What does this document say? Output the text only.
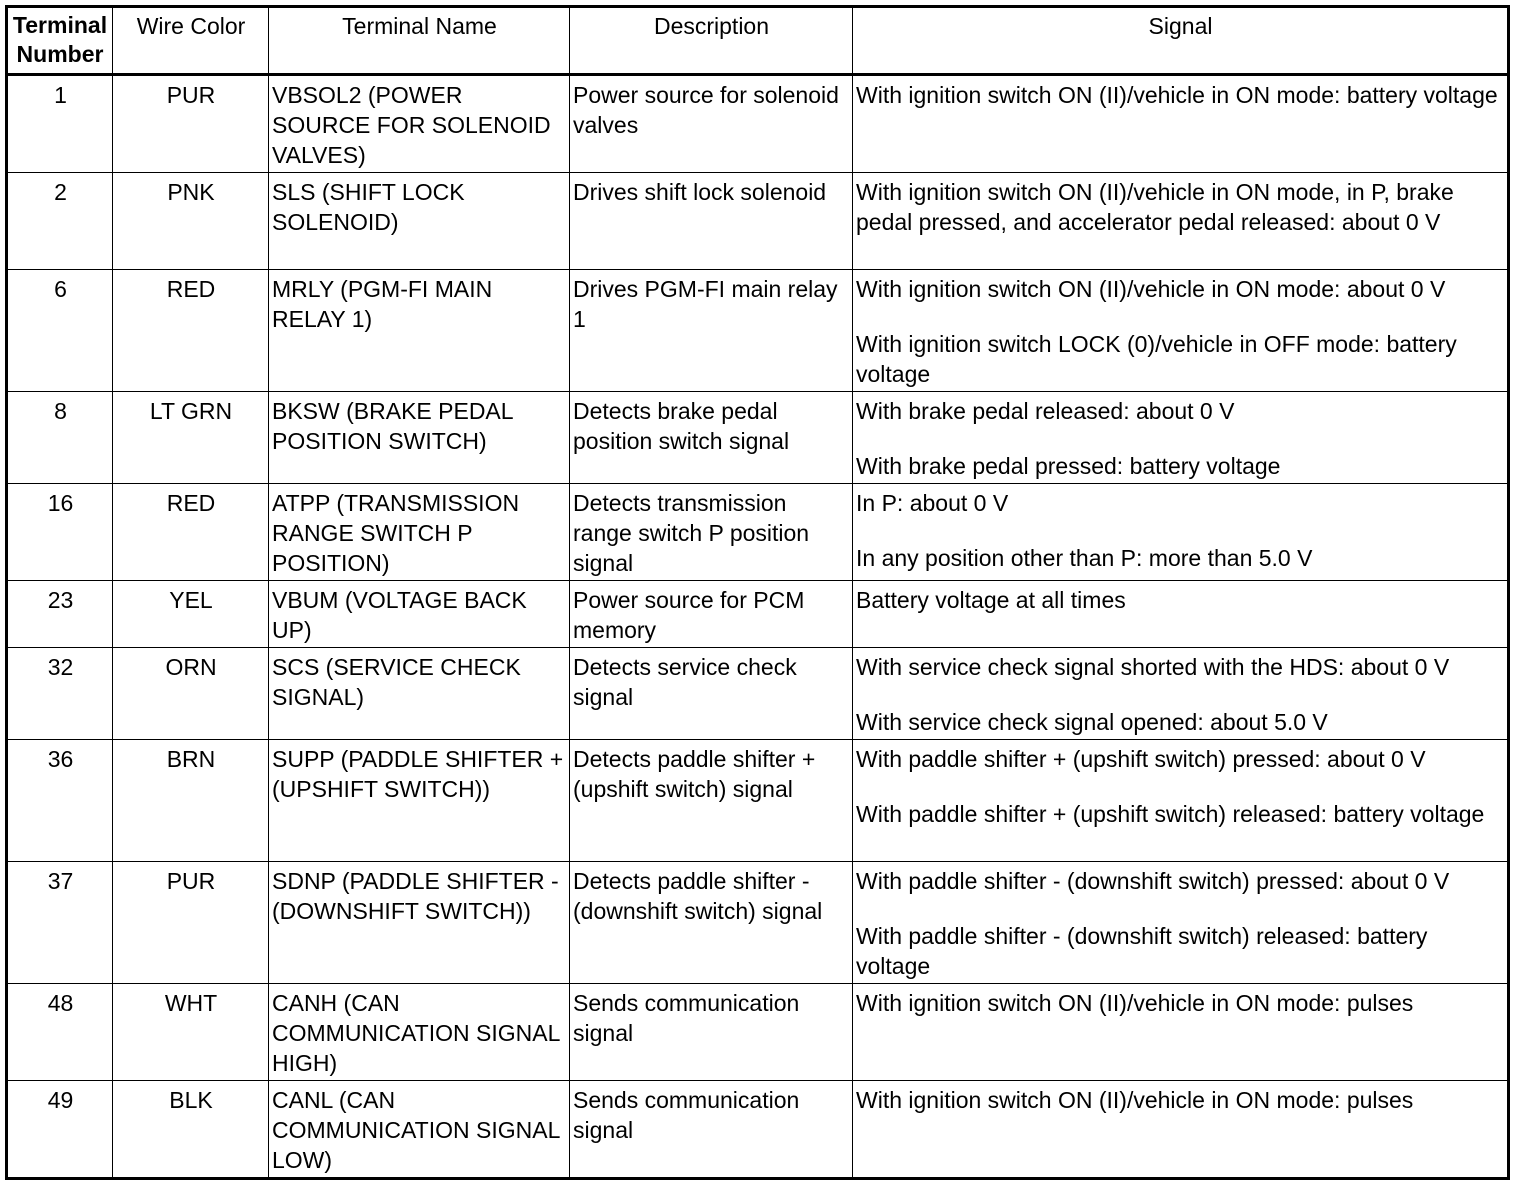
Terminal Number	Wire Color	Terminal Name	Description	Signal
1	PUR	VBSOL2 (POWER SOURCE FOR SOLENOID VALVES)	Power source for solenoid valves	With ignition switch ON (II)/vehicle in ON mode: battery voltage

2	PNK	SLS (SHIFT LOCK SOLENOID)	Drives shift lock solenoid	With ignition switch ON (II)/vehicle in ON mode, in P, brake pedal pressed, and accelerator pedal released: about 0 V

6	RED	MRLY (PGM-FI MAIN RELAY 1)	Drives PGM-FI main relay 1	With ignition switch ON (II)/vehicle in ON mode: about 0 V
With ignition switch LOCK (0)/vehicle in OFF mode: battery voltage

8	LT GRN	BKSW (BRAKE PEDAL POSITION SWITCH)	Detects brake pedal position switch signal	With brake pedal released: about 0 V
With brake pedal pressed: battery voltage

16	RED	ATPP (TRANSMISSION RANGE SWITCH P POSITION)	Detects transmission range switch P position signal	In P: about 0 V
In any position other than P: more than 5.0 V

23	YEL	VBUM (VOLTAGE BACK UP)	Power source for PCM memory	Battery voltage at all times

32	ORN	SCS (SERVICE CHECK SIGNAL)	Detects service check signal	With service check signal shorted with the HDS: about 0 V
With service check signal opened: about 5.0 V

36	BRN	SUPP (PADDLE SHIFTER + (UPSHIFT SWITCH))	Detects paddle shifter + (upshift switch) signal	With paddle shifter + (upshift switch) pressed: about 0 V
With paddle shifter + (upshift switch) released: battery voltage

37	PUR	SDNP (PADDLE SHIFTER - (DOWNSHIFT SWITCH))	Detects paddle shifter - (downshift switch) signal	With paddle shifter - (downshift switch) pressed: about 0 V
With paddle shifter - (downshift switch) released: battery voltage

48	WHT	CANH (CAN COMMUNICATION SIGNAL HIGH)	Sends communication signal	With ignition switch ON (II)/vehicle in ON mode: pulses

49	BLK	CANL (CAN COMMUNICATION SIGNAL LOW)	Sends communication signal	With ignition switch ON (II)/vehicle in ON mode: pulses
